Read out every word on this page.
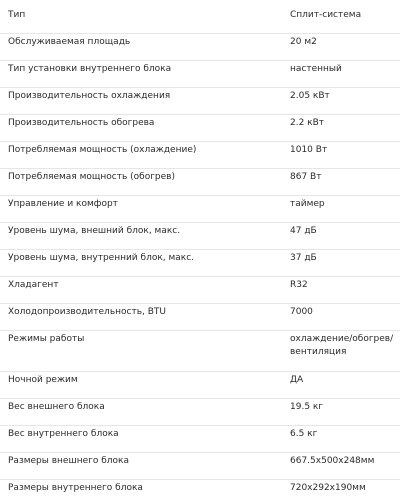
Тип	Сплит-система
Обслуживаемая площадь	20 м2
Тип установки внутреннего блока	настенный
Производительность охлаждения	2.05 кВт
Производительность обогрева	2.2 кВт
Потребляемая мощность (охлаждение)	1010 Вт
Потребляемая мощность (обогрев)	867 Вт
Управление и комфорт	таймер
Уровень шума, внешний блок, макс.	47 дБ
Уровень шума, внутренний блок, макс.	37 дБ
Хладагент	R32
Холодопроизводительность, BTU	7000
Режимы работы	охлаждение/обогрев/
вентиляция
Ночной режим	ДА
Вес внешнего блока	19.5 кг
Вес внутреннего блока	6.5 кг
Размеры внешнего блока	667.5x500x248мм
Размеры внутреннего блока	720x292x190мм
